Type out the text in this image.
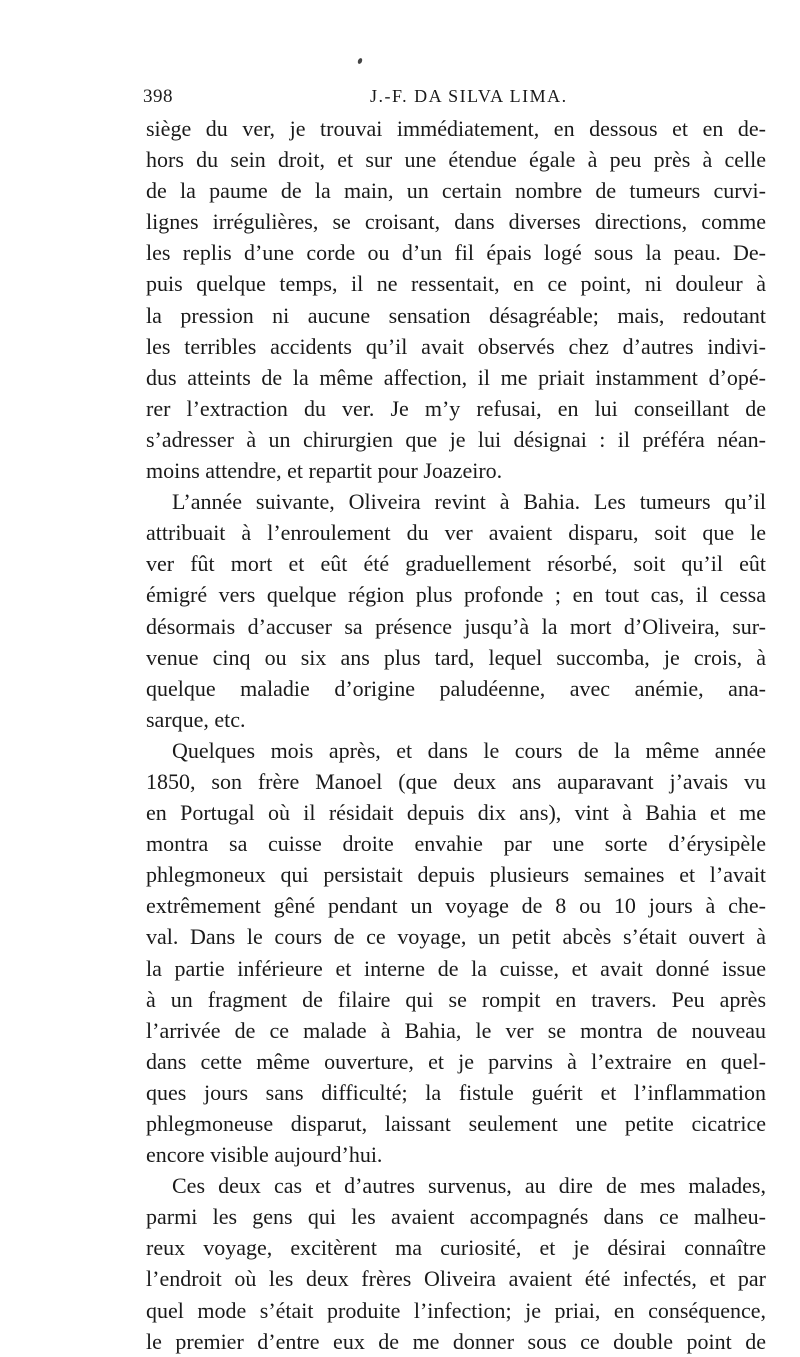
398	J.-F. DA SILVA LIMA.
siège du ver, je trouvai immédiatement, en dessous et en de-
hors du sein droit, et sur une étendue égale à peu près à celle
de la paume de la main, un certain nombre de tumeurs curvi-
lignes irrégulières, se croisant, dans diverses directions, comme
les replis d’une corde ou d’un fil épais logé sous la peau. De-
puis quelque temps, il ne ressentait, en ce point, ni douleur à
la pression ni aucune sensation désagréable; mais, redoutant
les terribles accidents qu’il avait observés chez d’autres indivi-
dus atteints de la même affection, il me priait instamment d’opé-
rer l’extraction du ver. Je m’y refusai, en lui conseillant de
s’adresser à un chirurgien que je lui désignai : il préféra néan-
moins attendre, et repartit pour Joazeiro.
L’année suivante, Oliveira revint à Bahia. Les tumeurs qu’il
attribuait à l’enroulement du ver avaient disparu, soit que le
ver fût mort et eût été graduellement résorbé, soit qu’il eût
émigré vers quelque région plus profonde ; en tout cas, il cessa
désormais d’accuser sa présence jusqu’à la mort d’Oliveira, sur-
venue cinq ou six ans plus tard, lequel succomba, je crois, à
quelque maladie d’origine paludéenne, avec anémie, ana-
sarque, etc.
Quelques mois après, et dans le cours de la même année
1850, son frère Manoel (que deux ans auparavant j’avais vu
en Portugal où il résidait depuis dix ans), vint à Bahia et me
montra sa cuisse droite envahie par une sorte d’érysipèle
phlegmoneux qui persistait depuis plusieurs semaines et l’avait
extrêmement gêné pendant un voyage de 8 ou 10 jours à che-
val. Dans le cours de ce voyage, un petit abcès s’était ouvert à
la partie inférieure et interne de la cuisse, et avait donné issue
à un fragment de filaire qui se rompit en travers. Peu après
l’arrivée de ce malade à Bahia, le ver se montra de nouveau
dans cette même ouverture, et je parvins à l’extraire en quel-
ques jours sans difficulté; la fistule guérit et l’inflammation
phlegmoneuse disparut, laissant seulement une petite cicatrice
encore visible aujourd’hui.
Ces deux cas et d’autres survenus, au dire de mes malades,
parmi les gens qui les avaient accompagnés dans ce malheu-
reux voyage, excitèrent ma curiosité, et je désirai connaître
l’endroit où les deux frères Oliveira avaient été infectés, et par
quel mode s’était produite l’infection; je priai, en conséquence,
le premier d’entre eux de me donner sous ce double point de
